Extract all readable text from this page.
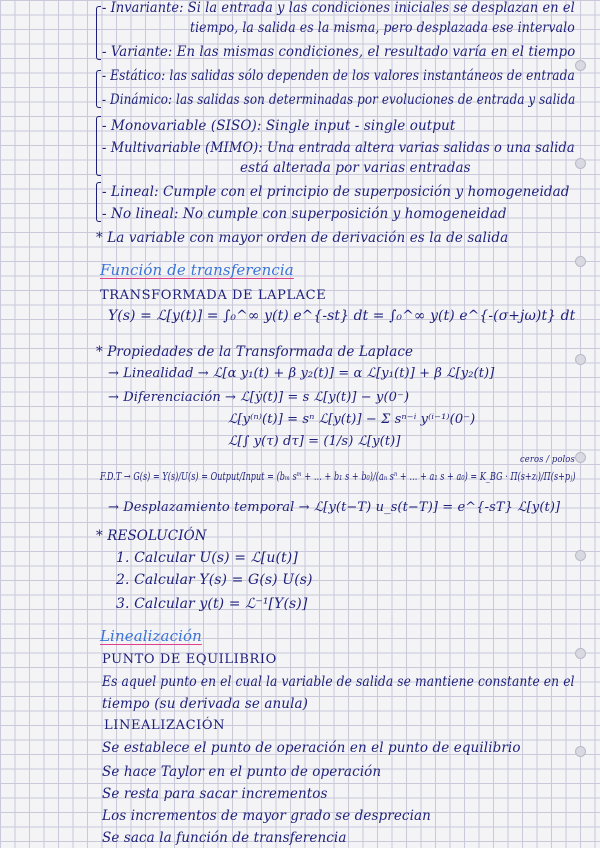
- Invariante: Si la entrada y las condiciones iniciales se desplazan en el
tiempo, la salida es la misma, pero desplazada ese intervalo
- Variante: En las mismas condiciones, el resultado varía en el tiempo
- Estático: las salidas sólo dependen de los valores instantáneos de entrada
- Dinámico: las salidas son determinadas por evoluciones de entrada y salida
- Monovariable (SISO): Single input - single output
- Multivariable (MIMO): Una entrada altera varias salidas o una salida
está alterada por varias entradas
- Lineal: Cumple con el principio de superposición y homogeneidad
- No lineal: No cumple con superposición y homogeneidad
* La variable con mayor orden de derivación es la de salida
Función de transferencia
TRANSFORMADA DE LAPLACE
Y(s) = ℒ[y(t)] = ∫₀^∞ y(t) e^{-st} dt = ∫₀^∞ y(t) e^{-(σ+jω)t} dt
* Propiedades de la Transformada de Laplace
→ Linealidad → ℒ[α y₁(t) + β y₂(t)] = α ℒ[y₁(t)] + β ℒ[y₂(t)]
→ Diferenciación → ℒ[ẏ(t)] = s ℒ[y(t)] − y(0⁻)
ℒ[y⁽ⁿ⁾(t)] = sⁿ ℒ[y(t)] − Σ sⁿ⁻ⁱ y⁽ⁱ⁻¹⁾(0⁻)
ℒ[∫ y(τ) dτ] = (1/s) ℒ[y(t)]
F.D.T → G(s) = Y(s)/U(s) = Output/Input = (bₘ sᵐ + … + b₁ s + b₀)/(aₙ sⁿ + … + a₁ s + a₀) = K_BG · Π(s+zᵢ)/Π(s+pⱼ)
ceros / polos
→ Desplazamiento temporal → ℒ[y(t−T) u_s(t−T)] = e^{-sT} ℒ[y(t)]
* RESOLUCIÓN
1. Calcular U(s) = ℒ[u(t)]
2. Calcular Y(s) = G(s) U(s)
3. Calcular y(t) = ℒ⁻¹[Y(s)]
Linealización
PUNTO DE EQUILIBRIO
Es aquel punto en el cual la variable de salida se mantiene constante en el
tiempo (su derivada se anula)
LINEALIZACIÓN
Se establece el punto de operación en el punto de equilibrio
Se hace Taylor en el punto de operación
Se resta para sacar incrementos
Los incrementos de mayor grado se desprecian
Se saca la función de transferencia
